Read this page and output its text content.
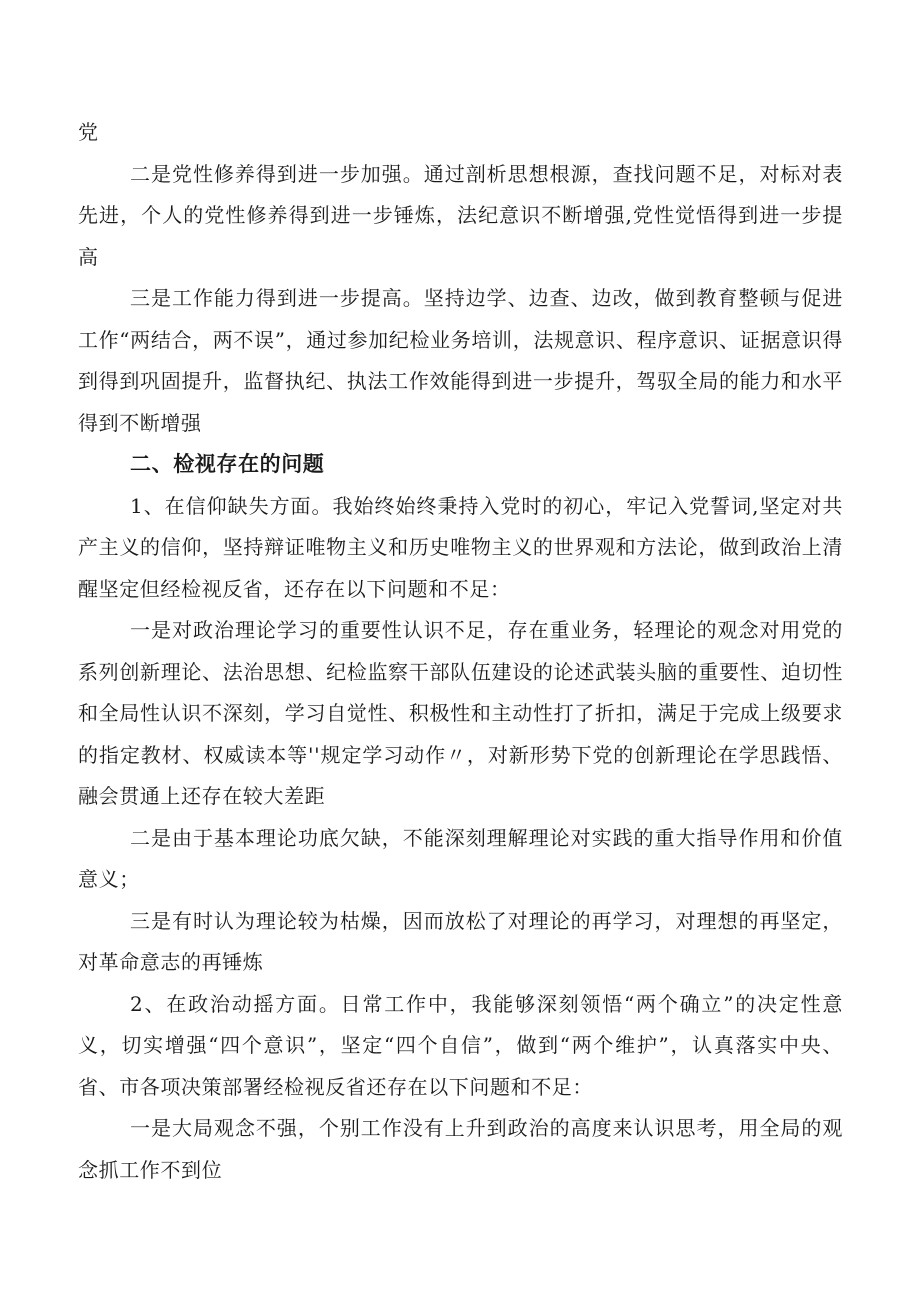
党

二是党性修养得到进一步加强。通过剖析思想根源，查找问题不足，对标对表先进，个人的党性修养得到进一步锤炼，法纪意识不断增强,党性觉悟得到进一步提高

三是工作能力得到进一步提高。坚持边学、边查、边改，做到教育整顿与促进工作“两结合，两不误”，通过参加纪检业务培训，法规意识、程序意识、证据意识得到得到巩固提升，监督执纪、执法工作效能得到进一步提升，驾驭全局的能力和水平得到不断增强

二、检视存在的问题

1、在信仰缺失方面。我始终始终秉持入党时的初心，牢记入党誓词,坚定对共产主义的信仰，坚持辩证唯物主义和历史唯物主义的世界观和方法论，做到政治上清醒坚定但经检视反省，还存在以下问题和不足：

一是对政治理论学习的重要性认识不足，存在重业务，轻理论的观念对用党的系列创新理论、法治思想、纪检监察干部队伍建设的论述武装头脑的重要性、迫切性和全局性认识不深刻，学习自觉性、积极性和主动性打了折扣，满足于完成上级要求的指定教材、权威读本等''规定学习动作〃，对新形势下党的创新理论在学思践悟、融会贯通上还存在较大差距

二是由于基本理论功底欠缺，不能深刻理解理论对实践的重大指导作用和价值意义；

三是有时认为理论较为枯燥，因而放松了对理论的再学习，对理想的再坚定，对革命意志的再锤炼

2、在政治动摇方面。日常工作中，我能够深刻领悟“两个确立”的决定性意义，切实增强“四个意识”，坚定“四个自信”，做到“两个维护”，认真落实中央、省、市各项决策部署经检视反省还存在以下问题和不足：

一是大局观念不强，个别工作没有上升到政治的高度来认识思考，用全局的观念抓工作不到位
